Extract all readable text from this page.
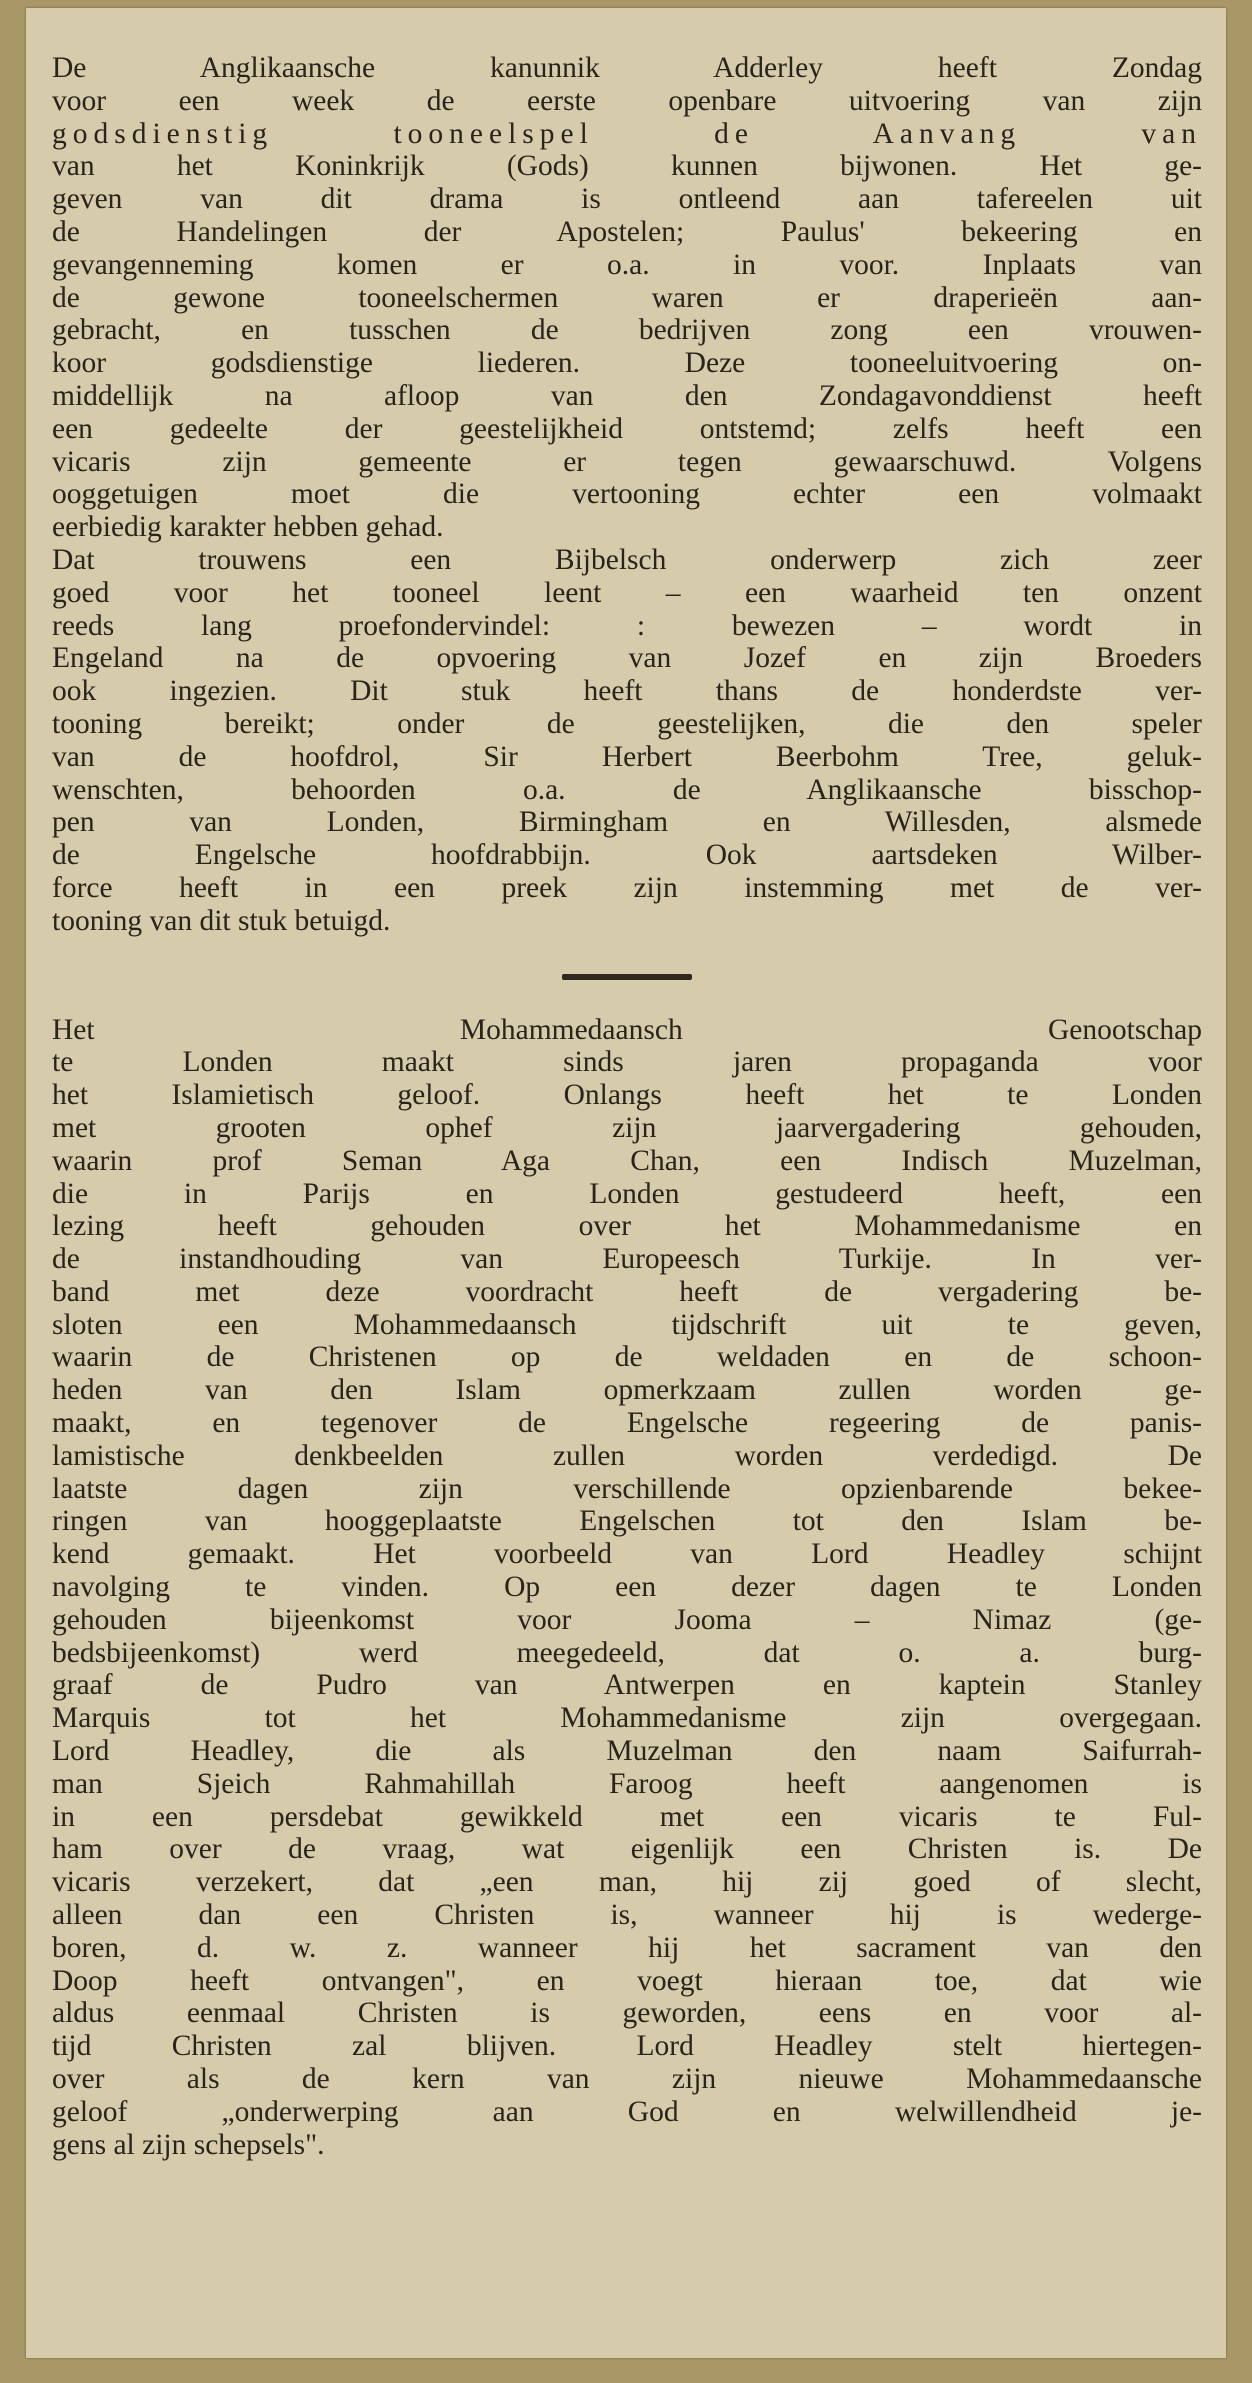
De Anglikaansche kanunnik Adderley heeft Zondag
voor een week de eerste openbare uitvoering van zijn
godsdienstig tooneelspel de Aanvang van
van het Koninkrijk (Gods) kunnen bijwonen. Het ge-
geven van dit drama is ontleend aan tafereelen uit
de Handelingen der Apostelen; Paulus' bekeering en
gevangenneming komen er o.a. in voor. Inplaats van
de gewone tooneelschermen waren er draperieën aan-
gebracht, en tusschen de bedrijven zong een vrouwen-
koor godsdienstige liederen. Deze tooneeluitvoering on-
middellijk na afloop van den Zondagavonddienst heeft
een gedeelte der geestelijkheid ontstemd; zelfs heeft een
vicaris zijn gemeente er tegen gewaarschuwd. Volgens
ooggetuigen moet die vertooning echter een volmaakt
eerbiedig karakter hebben gehad.
Dat trouwens een Bijbelsch onderwerp zich zeer
goed voor het tooneel leent – een waarheid ten onzent
reeds lang proefondervindel: : bewezen – wordt in
Engeland na de opvoering van Jozef en zijn Broeders
ook ingezien. Dit stuk heeft thans de honderdste ver-
tooning bereikt; onder de geestelijken, die den speler
van de hoofdrol, Sir Herbert Beerbohm Tree, geluk-
wenschten, behoorden o.a. de Anglikaansche bisschop-
pen van Londen, Birmingham en Willesden, alsmede
de Engelsche hoofdrabbijn. Ook aartsdeken Wilber-
force heeft in een preek zijn instemming met de ver-
tooning van dit stuk betuigd.
Het Mohammedaansch Genootschap
te Londen maakt sinds jaren propaganda voor
het Islamietisch geloof. Onlangs heeft het te Londen
met grooten ophef zijn jaarvergadering gehouden,
waarin prof Seman Aga Chan, een Indisch Muzelman,
die in Parijs en Londen gestudeerd heeft, een
lezing heeft gehouden over het Mohammedanisme en
de instandhouding van Europeesch Turkije. In ver-
band met deze voordracht heeft de vergadering be-
sloten een Mohammedaansch tijdschrift uit te geven,
waarin de Christenen op de weldaden en de schoon-
heden van den Islam opmerkzaam zullen worden ge-
maakt, en tegenover de Engelsche regeering de panis-
lamistische denkbeelden zullen worden verdedigd. De
laatste dagen zijn verschillende opzienbarende bekee-
ringen van hooggeplaatste Engelschen tot den Islam be-
kend gemaakt. Het voorbeeld van Lord Headley schijnt
navolging te vinden. Op een dezer dagen te Londen
gehouden bijeenkomst voor Jooma – Nimaz (ge-
bedsbijeenkomst) werd meegedeeld, dat o. a. burg-
graaf de Pudro van Antwerpen en kaptein Stanley
Marquis tot het Mohammedanisme zijn overgegaan.
Lord Headley, die als Muzelman den naam Saifurrah-
man Sjeich Rahmahillah Faroog heeft aangenomen is
in een persdebat gewikkeld met een vicaris te Ful-
ham over de vraag, wat eigenlijk een Christen is. De
vicaris verzekert, dat „een man, hij zij goed of slecht,
alleen dan een Christen is, wanneer hij is wederge-
boren, d. w. z. wanneer hij het sacrament van den
Doop heeft ontvangen", en voegt hieraan toe, dat wie
aldus eenmaal Christen is geworden, eens en voor al-
tijd Christen zal blijven. Lord Headley stelt hiertegen-
over als de kern van zijn nieuwe Mohammedaansche
geloof „onderwerping aan God en welwillendheid je-
gens al zijn schepsels".
